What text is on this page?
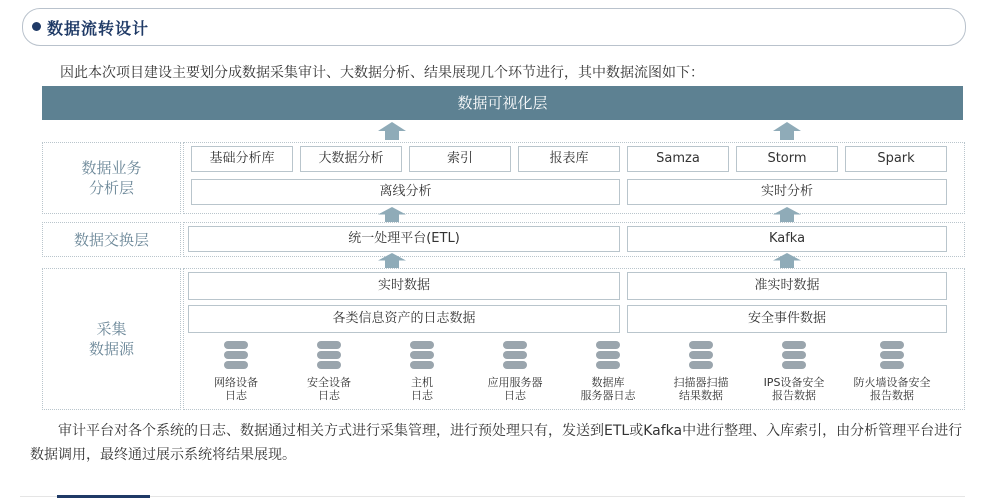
数据流转设计
因此本次项目建设主要划分成数据采集审计、大数据分析、结果展现几个环节进行，其中数据流图如下：
数据可视化层
数据业务
分析层
基础分析库	大数据分析	索引	报表库	Samza	Storm	Spark
离线分析	实时分析
数据交换层	统一处理平台(ETL)	Kafka
采集
数据源
实时数据	准实时数据
各类信息资产的日志数据	安全事件数据
网络设备
日志
安全设备
日志
主机
日志
应用服务器
日志
数据库
服务器日志
扫描器扫描
结果数据
IPS设备安全
报告数据
防火墙设备安全
报告数据
审计平台对各个系统的日志、数据通过相关方式进行采集管理，进行预处理只有，发送到ETL或Kafka中进行整理、入库索引，由分析管理平台进行数据调用，最终通过展示系统将结果展现。
